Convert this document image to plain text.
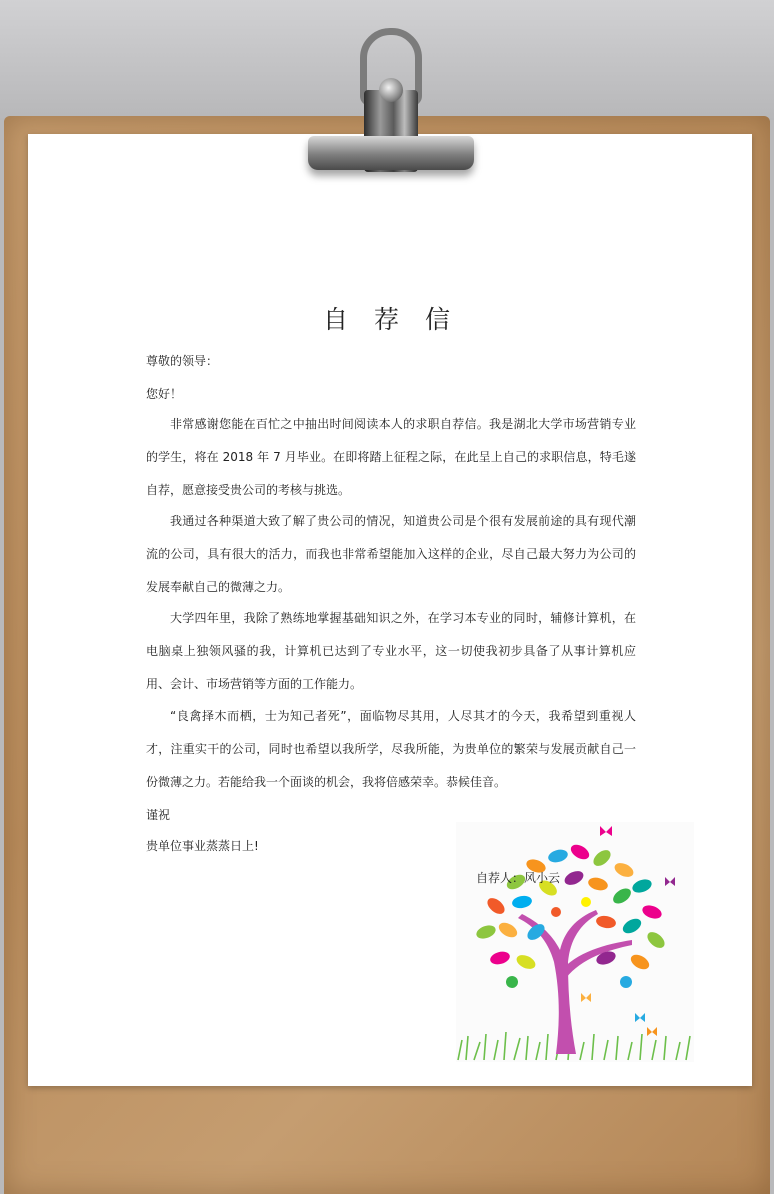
自 荐 信
尊敬的领导：
您好！
非常感谢您能在百忙之中抽出时间阅读本人的求职自荐信。我是湖北大学市场营销专业的学生，将在 2018 年 7 月毕业。在即将踏上征程之际，在此呈上自己的求职信息，特毛遂自荐，愿意接受贵公司的考核与挑选。
我通过各种渠道大致了解了贵公司的情况，知道贵公司是个很有发展前途的具有现代潮流的公司，具有很大的活力，而我也非常希望能加入这样的企业，尽自己最大努力为公司的发展奉献自己的微薄之力。
大学四年里，我除了熟练地掌握基础知识之外，在学习本专业的同时，辅修计算机，在电脑桌上独领风骚的我，计算机已达到了专业水平，这一切使我初步具备了从事计算机应用、会计、市场营销等方面的工作能力。
“良禽择木而栖，士为知己者死”，面临物尽其用，人尽其才的今天，我希望到重视人才，注重实干的公司，同时也希望以我所学，尽我所能，为贵单位的繁荣与发展贡献自己一份微薄之力。若能给我一个面谈的机会，我将倍感荣幸。恭候佳音。
谨祝
贵单位事业蒸蒸日上!
自荐人：风小云
